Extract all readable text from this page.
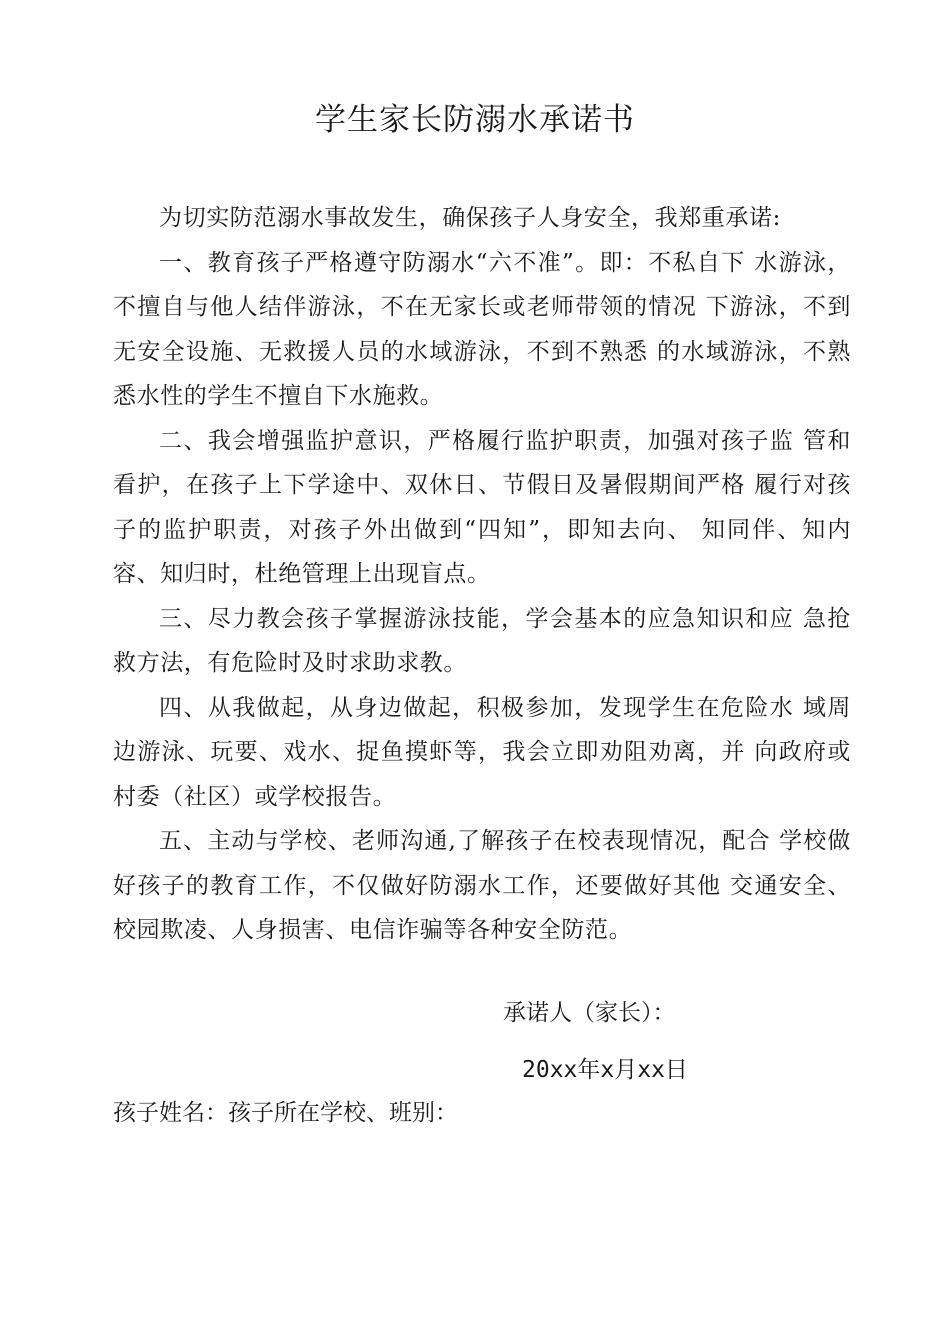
学生家长防溺水承诺书

为切实防范溺水事故发生，确保孩子人身安全，我郑重承诺:

一、教育孩子严格遵守防溺水“六不准”。即：不私自下 水游泳，不擅自与他人结伴游泳，不在无家长或老师带领的情况 下游泳，不到无安全设施、无救援人员的水域游泳，不到不熟悉 的水域游泳，不熟悉水性的学生不擅自下水施救。

二、我会增强监护意识，严格履行监护职责，加强对孩子监 管和看护，在孩子上下学途中、双休日、节假日及暑假期间严格 履行对孩子的监护职责，对孩子外出做到“四知”，即知去向、 知同伴、知内容、知归时，杜绝管理上出现盲点。

三、尽力教会孩子掌握游泳技能，学会基本的应急知识和应 急抢救方法，有危险时及时求助求教。

四、从我做起，从身边做起，积极参加，发现学生在危险水 域周边游泳、玩要、戏水、捉鱼摸虾等，我会立即劝阻劝离，并 向政府或村委（社区）或学校报告。

五、主动与学校、老师沟通,了解孩子在校表现情况，配合 学校做好孩子的教育工作，不仅做好防溺水工作，还要做好其他 交通安全、校园欺凌、人身损害、电信诈骗等各种安全防范。

承诺人（家长）：
20xx年x月xx日
孩子姓名：孩子所在学校、班别：
